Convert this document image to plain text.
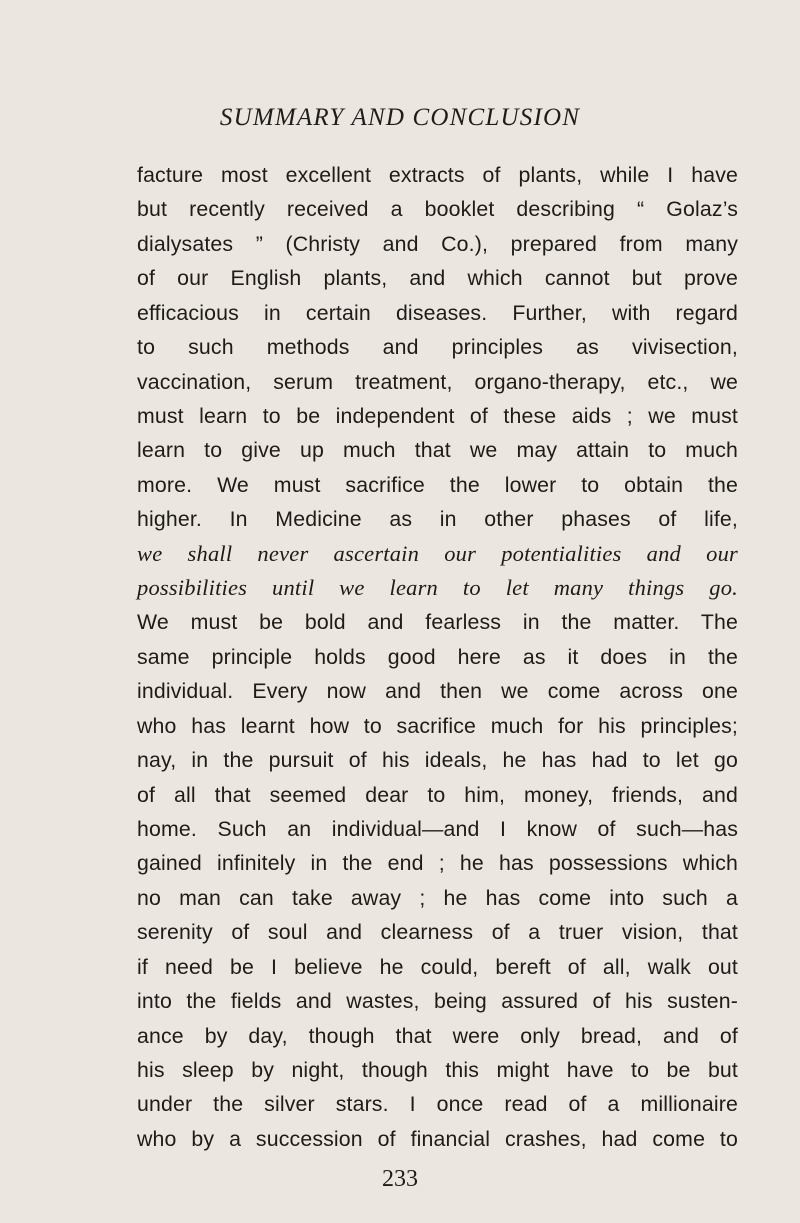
SUMMARY AND CONCLUSION
facture most excellent extracts of plants, while I have
but recently received a booklet describing “ Golaz’s
dialysates ” (Christy and Co.), prepared from many
of our English plants, and which cannot but prove
efficacious in certain diseases. Further, with regard
to such methods and principles as vivisection,
vaccination, serum treatment, organo-therapy, etc., we
must learn to be independent of these aids ; we must
learn to give up much that we may attain to much
more. We must sacrifice the lower to obtain the
higher. In Medicine as in other phases of life,
we shall never ascertain our potentialities and our
possibilities until we learn to let many things go.
We must be bold and fearless in the matter. The
same principle holds good here as it does in the
individual. Every now and then we come across one
who has learnt how to sacrifice much for his principles;
nay, in the pursuit of his ideals, he has had to let go
of all that seemed dear to him, money, friends, and
home. Such an individual—and I know of such—has
gained infinitely in the end ; he has possessions which
no man can take away ; he has come into such a
serenity of soul and clearness of a truer vision, that
if need be I believe he could, bereft of all, walk out
into the fields and wastes, being assured of his susten-
ance by day, though that were only bread, and of
his sleep by night, though this might have to be but
under the silver stars. I once read of a millionaire
who by a succession of financial crashes, had come to
233
